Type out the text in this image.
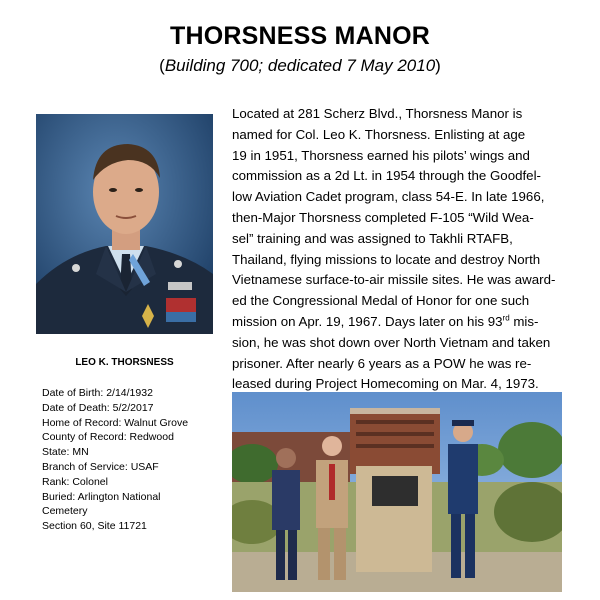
THORSNESS MANOR
(Building 700; dedicated 7 May 2010)
LEO K. THORSNESS
Date of Birth: 2/14/1932
Date of Death: 5/2/2017
Home of Record: Walnut Grove
County of Record: Redwood
State: MN
Branch of Service: USAF
Rank: Colonel
Buried: Arlington National
Cemetery
Section 60, Site 11721
Located at 281 Scherz Blvd., Thorsness Manor is
named for Col. Leo K. Thorsness. Enlisting at age
19 in 1951, Thorsness earned his pilots’ wings and
commission as a 2d Lt. in 1954 through the Goodfel-
low Aviation Cadet program, class 54-E. In late 1966,
then-Major Thorsness completed F-105 “Wild Wea-
sel” training and was assigned to Takhli RTAFB,
Thailand, flying missions to locate and destroy North
Vietnamese surface-to-air missile sites. He was award-
ed the Congressional Medal of Honor for one such
mission on Apr. 19, 1967. Days later on his 93rd mis-
sion, he was shot down over North Vietnam and taken
prisoner. After nearly 6 years as a POW he was re-
leased during Project Homecoming on Mar. 4, 1973.
